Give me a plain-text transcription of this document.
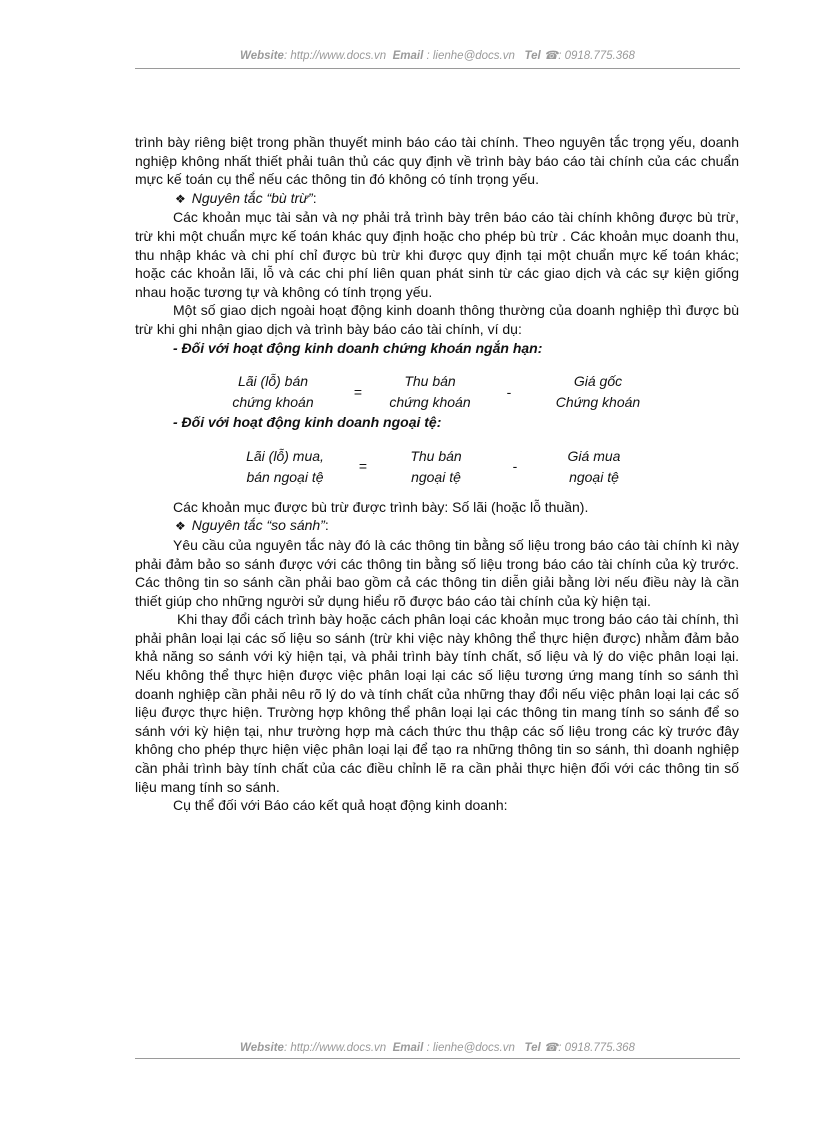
Website: http://www.docs.vn Email : lienhe@docs.vn Tel ☎: 0918.775.368

trình bày riêng biệt trong phần thuyết minh báo cáo tài chính. Theo nguyên tắc trọng yếu, doanh nghiệp không nhất thiết phải tuân thủ các quy định về trình bày báo cáo tài chính của các chuẩn mực kế toán cụ thể nếu các thông tin đó không có tính trọng yếu.

❖ Nguyên tắc “bù trừ”:

Các khoản mục tài sản và nợ phải trả trình bày trên báo cáo tài chính không được bù trừ, trừ khi một chuẩn mực kế toán khác quy định hoặc cho phép bù trừ . Các khoản mục doanh thu, thu nhập khác và chi phí chỉ được bù trừ khi được quy định tại một chuẩn mực kế toán khác; hoặc các khoản lãi, lỗ và các chi phí liên quan phát sinh từ các giao dịch và các sự kiện giống nhau hoặc tương tự và không có tính trọng yếu.

Một số giao dịch ngoài hoạt động kinh doanh thông thường của doanh nghiệp thì được bù trừ khi ghi nhận giao dịch và trình bày báo cáo tài chính, ví dụ:

- Đối với hoạt động kinh doanh chứng khoán ngắn hạn:

Lãi (lỗ) bán
chứng khoán
=
Thu bán
chứng khoán
-
Giá gốc
Chứng khoán

- Đối với hoạt động kinh doanh ngoại tệ:

Lãi (lỗ) mua,
bán ngoại tệ
=
Thu bán
ngoại tệ
-
Giá mua
ngoại tệ

Các khoản mục được bù trừ được trình bày: Số lãi (hoặc lỗ thuần).

❖ Nguyên tắc “so sánh”:

Yêu cầu của nguyên tắc này đó là các thông tin bằng số liệu trong báo cáo tài chính kì này phải đảm bảo so sánh được với các thông tin bằng số liệu trong báo cáo tài chính của kỳ trước. Các thông tin so sánh cần phải bao gồm cả các thông tin diễn giải bằng lời nếu điều này là cần thiết giúp cho những người sử dụng hiểu rõ được báo cáo tài chính của kỳ hiện tại.

Khi thay đổi cách trình bày hoặc cách phân loại các khoản mục trong báo cáo tài chính, thì phải phân loại lại các số liệu so sánh (trừ khi việc này không thể thực hiện được) nhằm đảm bảo khả năng so sánh với kỳ hiện tại, và phải trình bày tính chất, số liệu và lý do việc phân loại lại. Nếu không thể thực hiện được việc phân loại lại các số liệu tương ứng mang tính so sánh thì doanh nghiệp cần phải nêu rõ lý do và tính chất của những thay đổi nếu việc phân loại lại các số liệu được thực hiện. Trường hợp không thể phân loại lại các thông tin mang tính so sánh để so sánh với kỳ hiện tại, như trường hợp mà cách thức thu thập các số liệu trong các kỳ trước đây không cho phép thực hiện việc phân loại lại để tạo ra những thông tin so sánh, thì doanh nghiệp cần phải trình bày tính chất của các điều chỉnh lẽ ra cần phải thực hiện đối với các thông tin số liệu mang tính so sánh.

Cụ thể đối với Báo cáo kết quả hoạt động kinh doanh:

Website: http://www.docs.vn Email : lienhe@docs.vn Tel ☎: 0918.775.368
